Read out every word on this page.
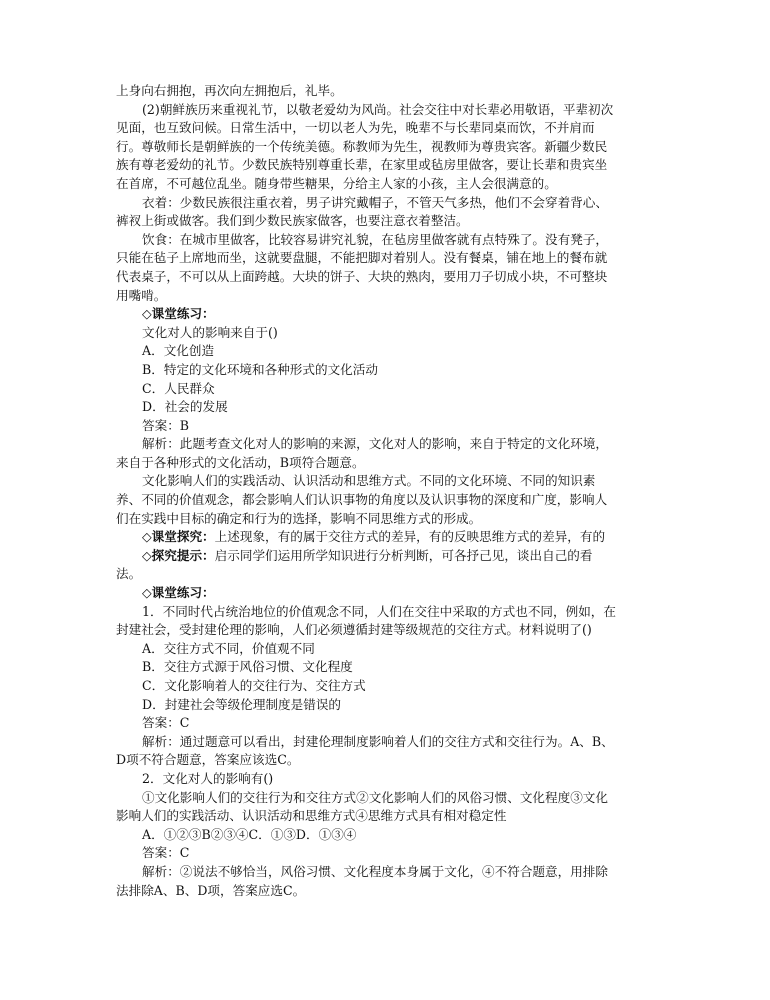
上身向右拥抱，再次向左拥抱后，礼毕。

(2)朝鲜族历来重视礼节，以敬老爱幼为风尚。社会交往中对长辈必用敬语，平辈初次

见面，也互致问候。日常生活中，一切以老人为先，晚辈不与长辈同桌而饮，不并肩而

行。尊敬师长是朝鲜族的一个传统美德。称教师为先生，视教师为尊贵宾客。新疆少数民

族有尊老爱幼的礼节。少数民族特别尊重长辈，在家里或毡房里做客，要让长辈和贵宾坐

在首席，不可越位乱坐。随身带些糖果，分给主人家的小孩，主人会很满意的。

衣着：少数民族很注重衣着，男子讲究戴帽子，不管天气多热，他们不会穿着背心、

裤衩上街或做客。我们到少数民族家做客，也要注意衣着整洁。

饮食：在城市里做客，比较容易讲究礼貌，在毡房里做客就有点特殊了。没有凳子，

只能在毡子上席地而坐，这就要盘腿，不能把脚对着别人。没有餐桌，铺在地上的餐布就

代表桌子，不可以从上面跨越。大块的饼子、大块的熟肉，要用刀子切成小块，不可整块

用嘴啃。

◇课堂练习：

文化对人的影响来自于()

A．文化创造

B．特定的文化环境和各种形式的文化活动

C．人民群众

D．社会的发展

答案：B

解析：此题考查文化对人的影响的来源，文化对人的影响，来自于特定的文化环境，

来自于各种形式的文化活动，B项符合题意。

文化影响人们的实践活动、认识活动和思维方式。不同的文化环境、不同的知识素

养、不同的价值观念，都会影响人们认识事物的角度以及认识事物的深度和广度，影响人

们在实践中目标的确定和行为的选择，影响不同思维方式的形成。

◇课堂探究：上述现象，有的属于交往方式的差异，有的反映思维方式的差异，有的

◇探究提示：启示同学们运用所学知识进行分析判断，可各抒己见，谈出自己的看

法。

◇课堂练习：

1．不同时代占统治地位的价值观念不同，人们在交往中采取的方式也不同，例如，在

封建社会，受封建伦理的影响，人们必须遵循封建等级规范的交往方式。材料说明了()

A．交往方式不同，价值观不同

B．交往方式源于风俗习惯、文化程度

C．文化影响着人的交往行为、交往方式

D．封建社会等级伦理制度是错误的

答案：C

解析：通过题意可以看出，封建伦理制度影响着人们的交往方式和交往行为。A、B、

D项不符合题意，答案应该选C。

2．文化对人的影响有()

①文化影响人们的交往行为和交往方式②文化影响人们的风俗习惯、文化程度③文化

影响人们的实践活动、认识活动和思维方式④思维方式具有相对稳定性

A．①②③B②③④C．①③D．①③④

答案：C

解析：②说法不够恰当，风俗习惯、文化程度本身属于文化，④不符合题意，用排除

法排除A、B、D项，答案应选C。
